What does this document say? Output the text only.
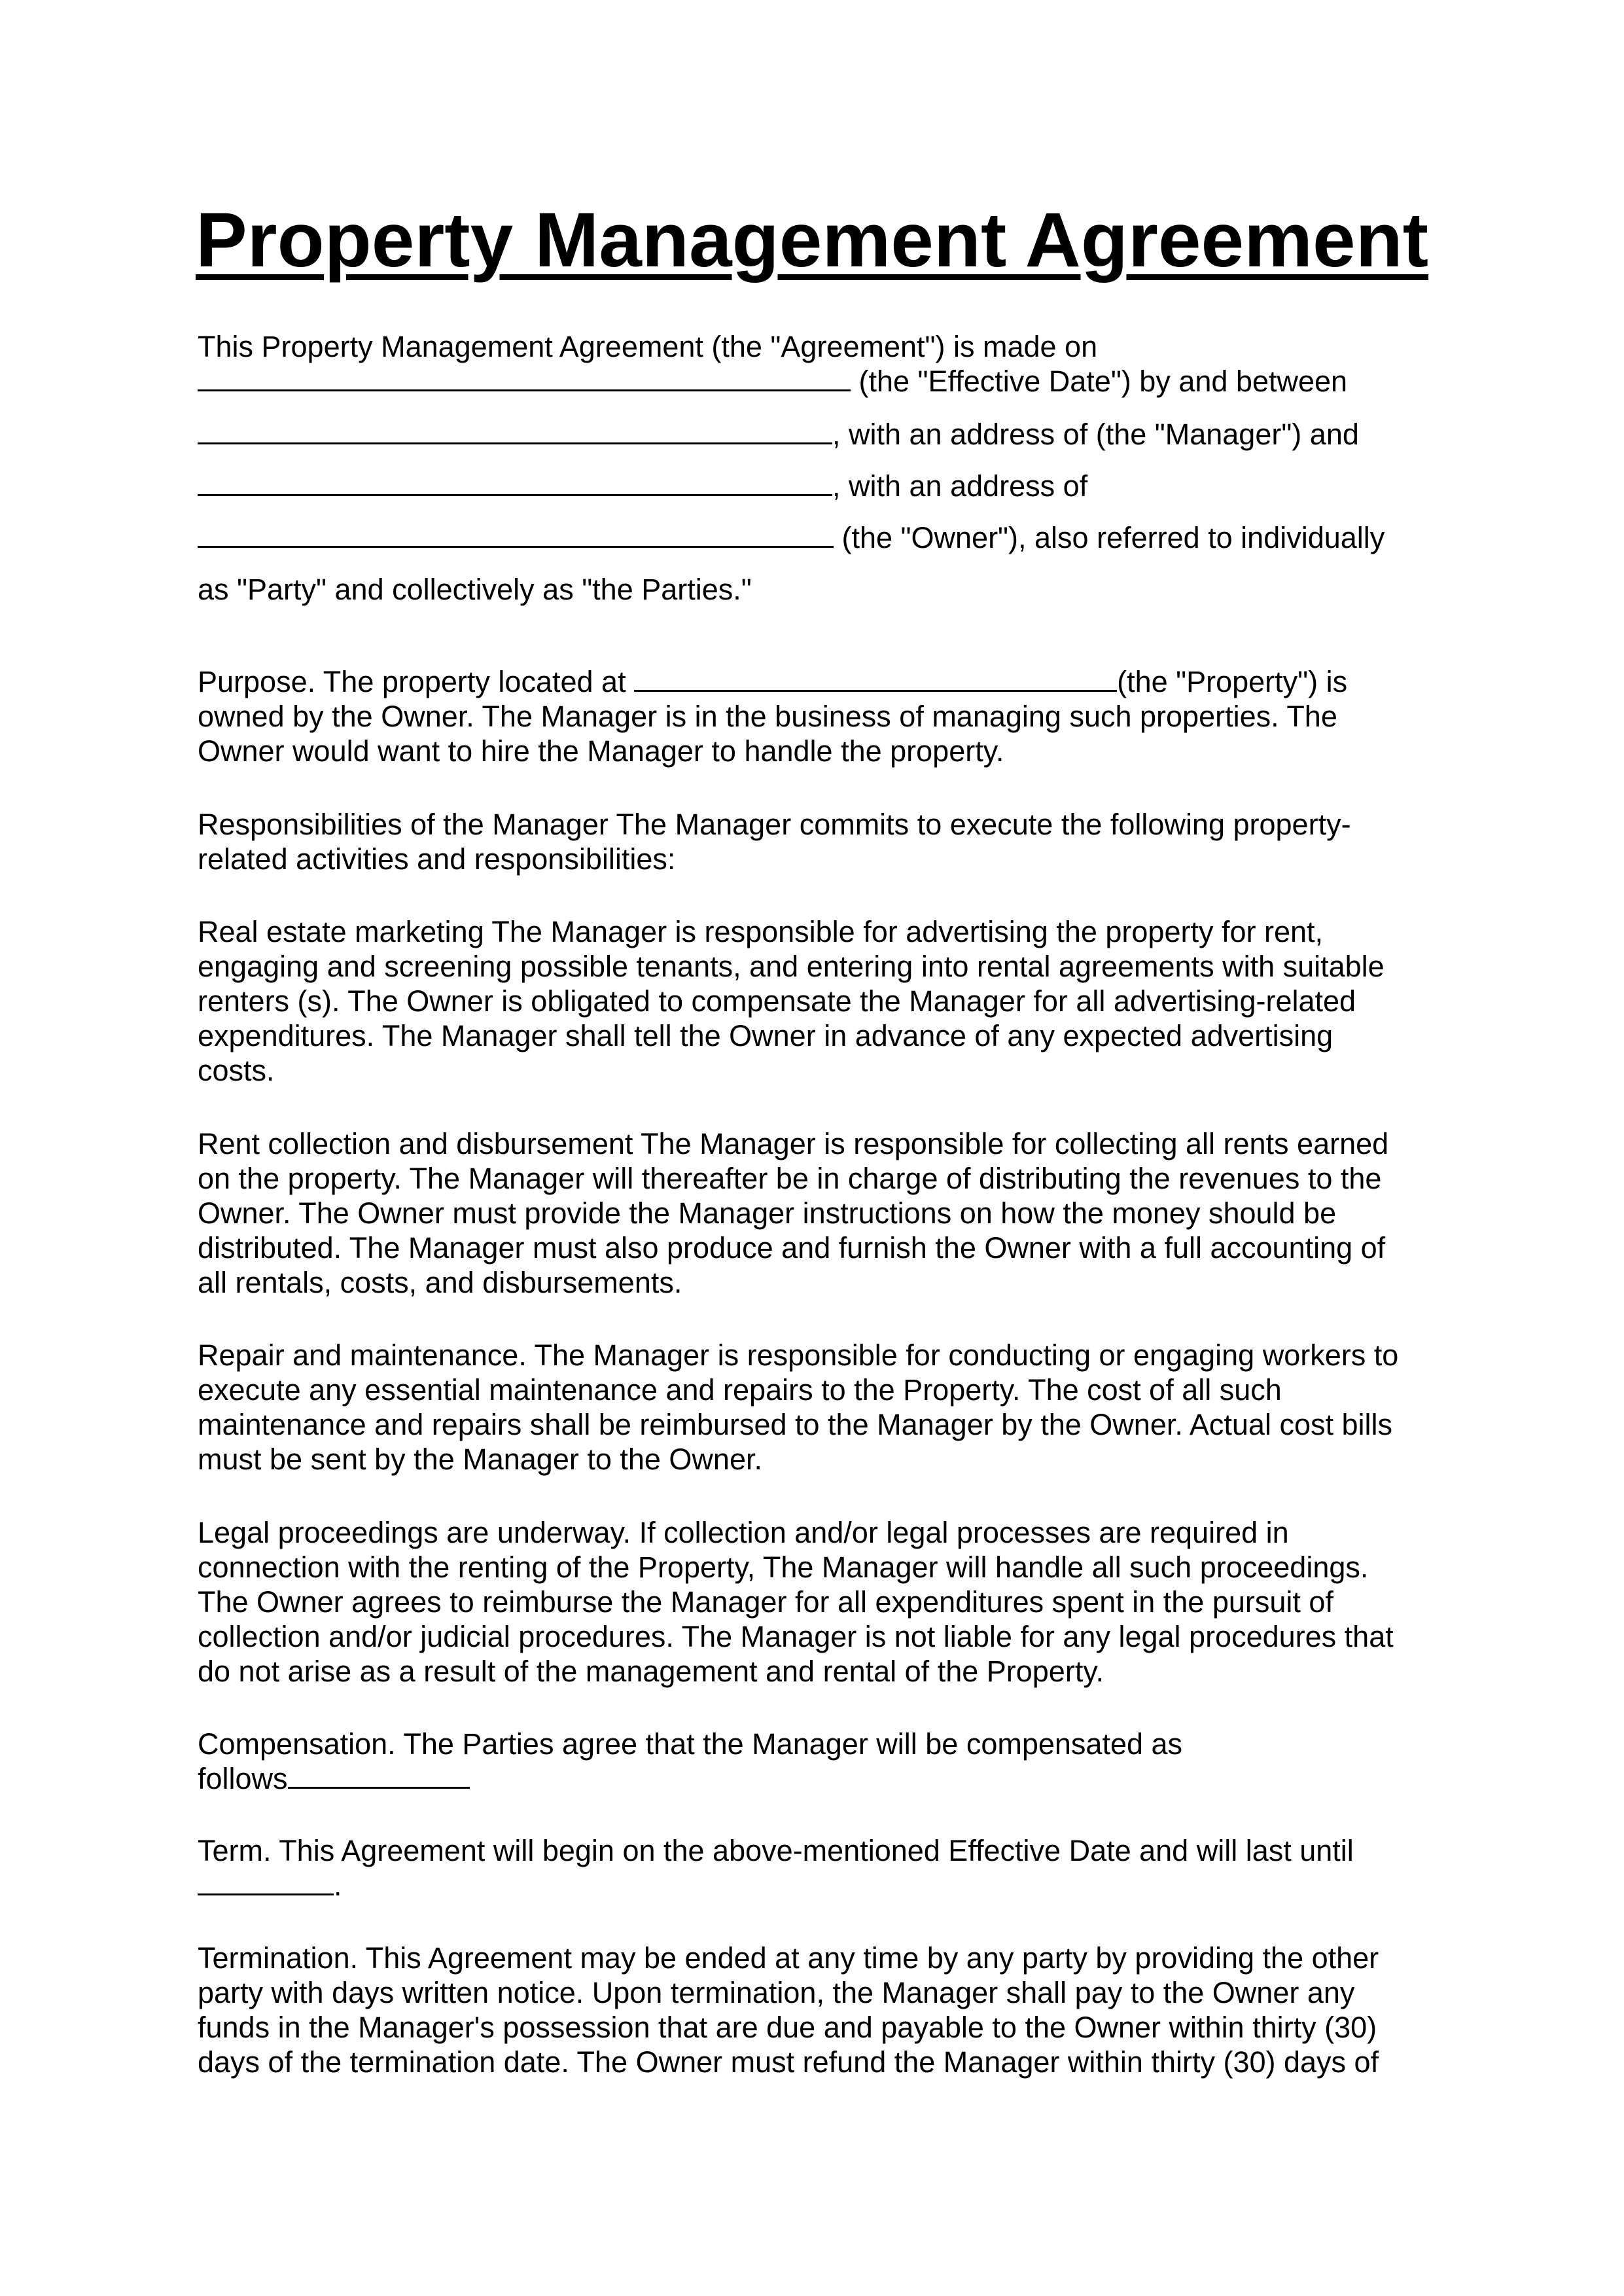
Property Management Agreement
This Property Management Agreement (the "Agreement") is made on
(the "Effective Date") by and between
, with an address of (the "Manager") and
, with an address of
(the "Owner"), also referred to individually
as "Party" and collectively as "the Parties."
Purpose. The property located at	(the "Property") is
owned by the Owner. The Manager is in the business of managing such properties. The
Owner would want to hire the Manager to handle the property.
Responsibilities of the Manager The Manager commits to execute the following property-
related activities and responsibilities:
Real estate marketing The Manager is responsible for advertising the property for rent,
engaging and screening possible tenants, and entering into rental agreements with suitable
renters (s). The Owner is obligated to compensate the Manager for all advertising-related
expenditures. The Manager shall tell the Owner in advance of any expected advertising
costs.
Rent collection and disbursement The Manager is responsible for collecting all rents earned
on the property. The Manager will thereafter be in charge of distributing the revenues to the
Owner. The Owner must provide the Manager instructions on how the money should be
distributed. The Manager must also produce and furnish the Owner with a full accounting of
all rentals, costs, and disbursements.
Repair and maintenance. The Manager is responsible for conducting or engaging workers to
execute any essential maintenance and repairs to the Property. The cost of all such
maintenance and repairs shall be reimbursed to the Manager by the Owner. Actual cost bills
must be sent by the Manager to the Owner.
Legal proceedings are underway. If collection and/or legal processes are required in
connection with the renting of the Property, The Manager will handle all such proceedings.
The Owner agrees to reimburse the Manager for all expenditures spent in the pursuit of
collection and/or judicial procedures. The Manager is not liable for any legal procedures that
do not arise as a result of the management and rental of the Property.
Compensation. The Parties agree that the Manager will be compensated as
follows
Term. This Agreement will begin on the above-mentioned Effective Date and will last until
.
Termination. This Agreement may be ended at any time by any party by providing the other
party with days written notice. Upon termination, the Manager shall pay to the Owner any
funds in the Manager's possession that are due and payable to the Owner within thirty (30)
days of the termination date. The Owner must refund the Manager within thirty (30) days of
